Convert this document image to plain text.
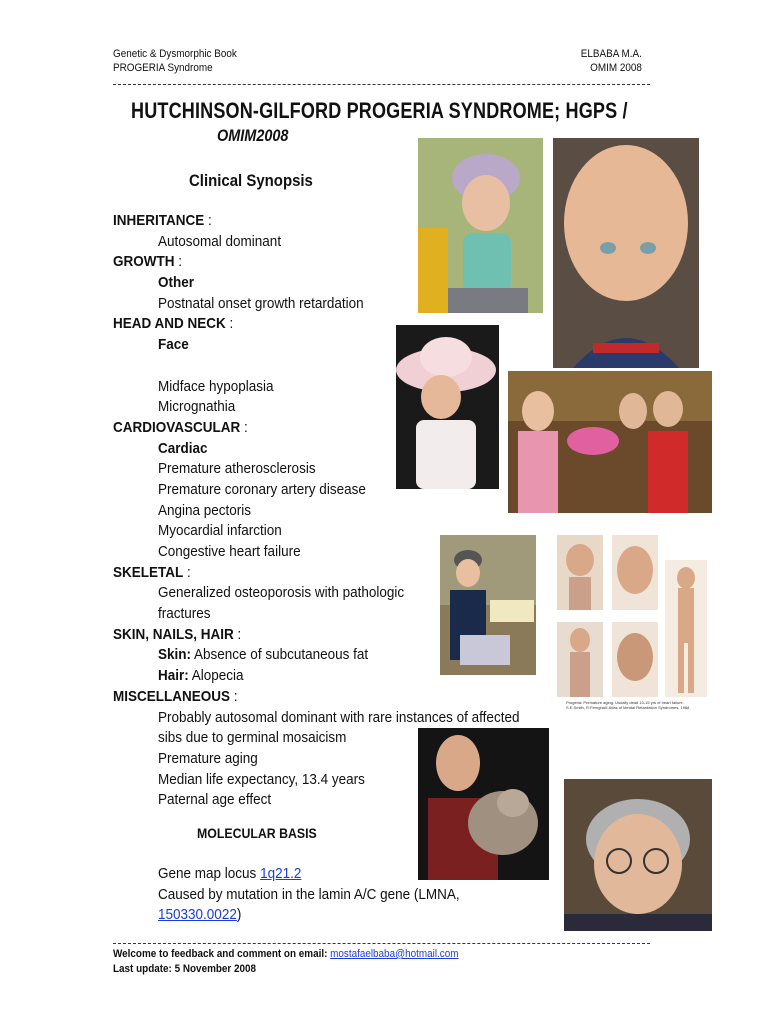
Genetic & Dysmorphic Book
PROGERIA Syndrome
ELBABA M.A.
OMIM 2008
HUTCHINSON-GILFORD PROGERIA SYNDROME; HGPS /
OMIM2008
Clinical Synopsis
INHERITANCE :
Autosomal dominant
GROWTH :
Other
Postnatal onset growth retardation
HEAD AND NECK :
Face
Midface hypoplasia
Micrognathia
CARDIOVASCULAR :
Cardiac
Premature atherosclerosis
Premature coronary artery disease
Angina pectoris
Myocardial infarction
Congestive heart failure
SKELETAL :
Generalized osteoporosis with pathologic
fractures
SKIN, NAILS, HAIR :
Skin: Absence of subcutaneous fat
Hair: Alopecia
MISCELLANEOUS :
Probably autosomal dominant with rare instances of affected
sibs due to germinal mosaicism
Premature aging
Median life expectancy, 13.4 years
Paternal age effect
MOLECULAR BASIS
Gene map locus 1q21.2
Caused by mutation in the lamin A/C gene (LMNA,
150330.0022)
Welcome to feedback and comment on email: mostafaelbaba@hotmail.com
Last update: 5 November 2008
Progeria: Premature aging. Usually dead 10-15 yrs of heart failure.
S.E.Smith, R.Fernghall: Atlas of Mental Retardation Syndromes, 1968
